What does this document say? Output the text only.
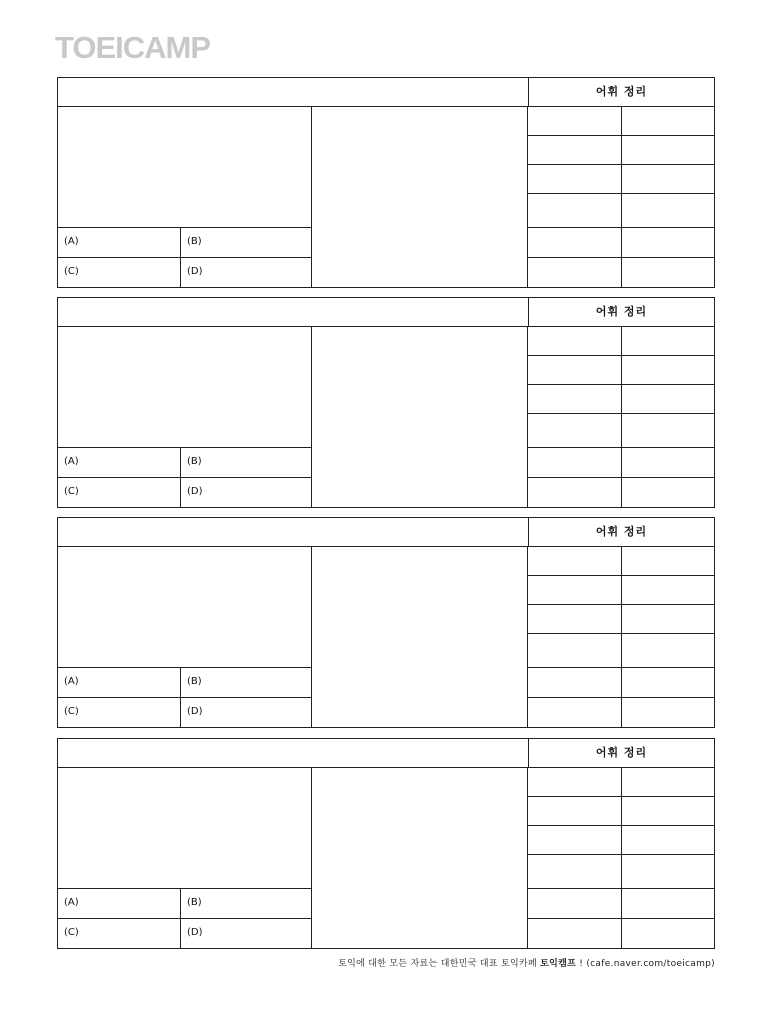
TOEICAMP
어휘 정리
(A)	(B)
(C)	(D)
어휘 정리
(A)	(B)
(C)	(D)
어휘 정리
(A)	(B)
(C)	(D)
어휘 정리
(A)	(B)
(C)	(D)
토익에 대한 모든 자료는 대한민국 대표 토익카페 토익캠프 ! (cafe.naver.com/toeicamp)
